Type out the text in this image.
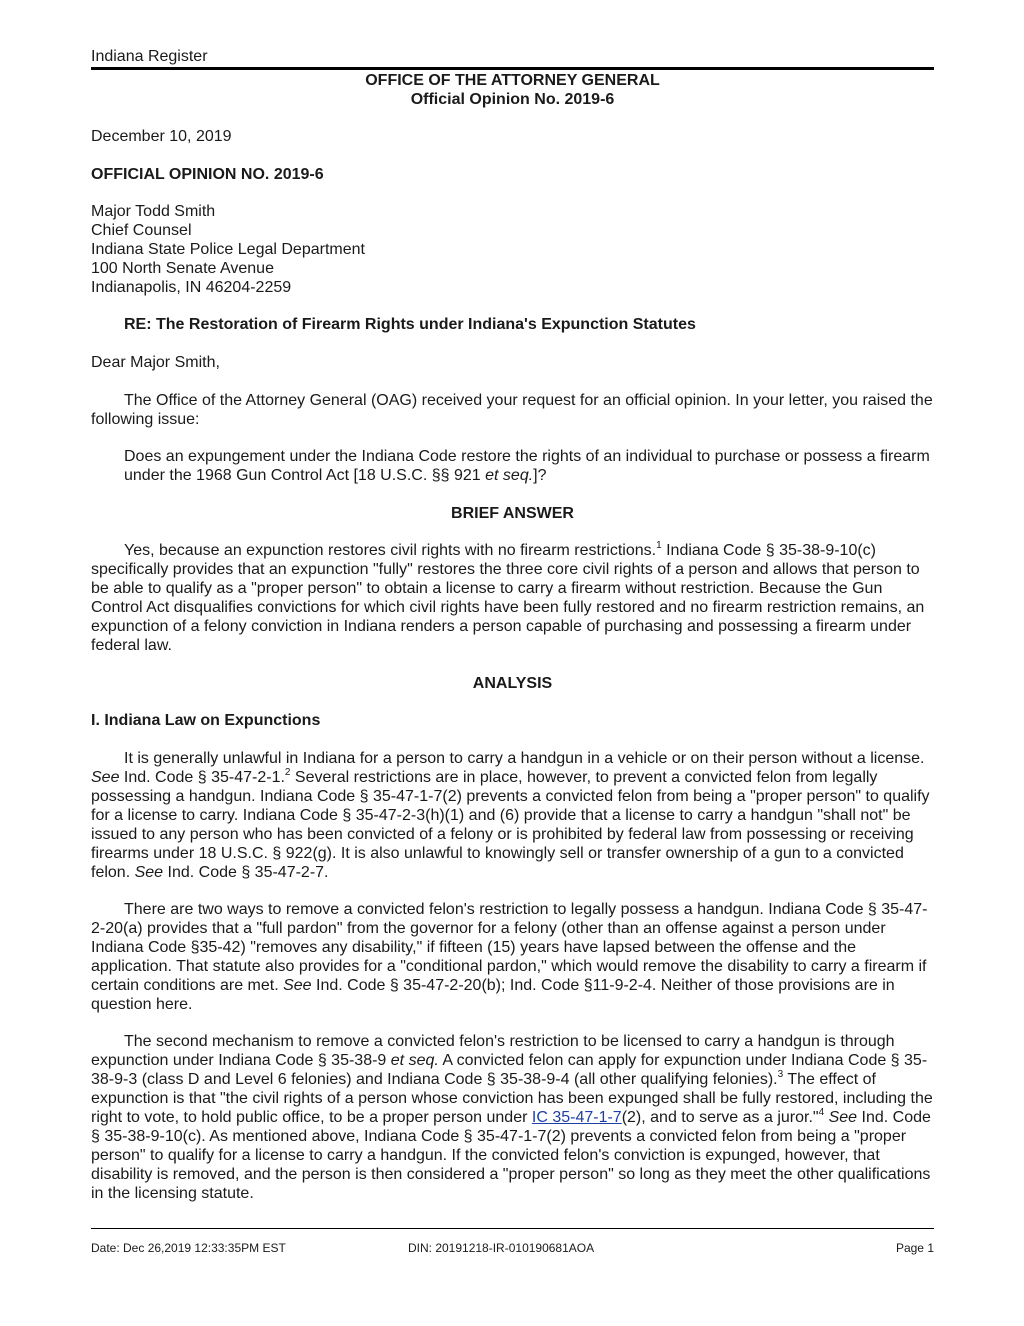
Indiana Register

OFFICE OF THE ATTORNEY GENERAL

Official Opinion No. 2019-6

December 10, 2019

OFFICIAL OPINION NO. 2019-6

Major Todd Smith
Chief Counsel
Indiana State Police Legal Department
100 North Senate Avenue
Indianapolis, IN 46204-2259

RE: The Restoration of Firearm Rights under Indiana's Expunction Statutes

Dear Major Smith,

The Office of the Attorney General (OAG) received your request for an official opinion. In your letter, you raised the following issue:

Does an expungement under the Indiana Code restore the rights of an individual to purchase or possess a firearm under the 1968 Gun Control Act [18 U.S.C. §§ 921 et seq.]?

BRIEF ANSWER

Yes, because an expunction restores civil rights with no firearm restrictions.$^1$ Indiana Code § 35-38-9-10(c) specifically provides that an expunction "fully" restores the three core civil rights of a person and allows that person to be able to qualify as a "proper person" to obtain a license to carry a firearm without restriction. Because the Gun Control Act disqualifies convictions for which civil rights have been fully restored and no firearm restriction remains, an expunction of a felony conviction in Indiana renders a person capable of purchasing and possessing a firearm under federal law.

ANALYSIS

I. Indiana Law on Expunctions

It is generally unlawful in Indiana for a person to carry a handgun in a vehicle or on their person without a license. See Ind. Code § 35-47-2-1.$^2$ Several restrictions are in place, however, to prevent a convicted felon from legally possessing a handgun. Indiana Code § 35-47-1-7(2) prevents a convicted felon from being a "proper person" to qualify for a license to carry. Indiana Code § 35-47-2-3(h)(1) and (6) provide that a license to carry a handgun "shall not" be issued to any person who has been convicted of a felony or is prohibited by federal law from possessing or receiving firearms under 18 U.S.C. § 922(g). It is also unlawful to knowingly sell or transfer ownership of a gun to a convicted felon. See Ind. Code § 35-47-2-7.

There are two ways to remove a convicted felon's restriction to legally possess a handgun. Indiana Code § 35-47-2-20(a) provides that a "full pardon" from the governor for a felony (other than an offense against a person under Indiana Code §35-42) "removes any disability," if fifteen (15) years have lapsed between the offense and the application. That statute also provides for a "conditional pardon," which would remove the disability to carry a firearm if certain conditions are met. See Ind. Code § 35-47-2-20(b); Ind. Code §11-9-2-4. Neither of those provisions are in question here.

The second mechanism to remove a convicted felon's restriction to be licensed to carry a handgun is through expunction under Indiana Code § 35-38-9 et seq. A convicted felon can apply for expunction under Indiana Code § 35-38-9-3 (class D and Level 6 felonies) and Indiana Code § 35-38-9-4 (all other qualifying felonies).$^3$ The effect of expunction is that "the civil rights of a person whose conviction has been expunged shall be fully restored, including the right to vote, to hold public office, to be a proper person under IC 35-47-1-7(2), and to serve as a juror."$^4$ See Ind. Code § 35-38-9-10(c). As mentioned above, Indiana Code § 35-47-1-7(2) prevents a convicted felon from being a "proper person" to qualify for a license to carry a handgun. If the convicted felon's conviction is expunged, however, that disability is removed, and the person is then considered a "proper person" so long as they meet the other qualifications in the licensing statute.

Date: Dec 26,2019 12:33:35PM EST	DIN: 20191218-IR-010190681AOA	Page 1
